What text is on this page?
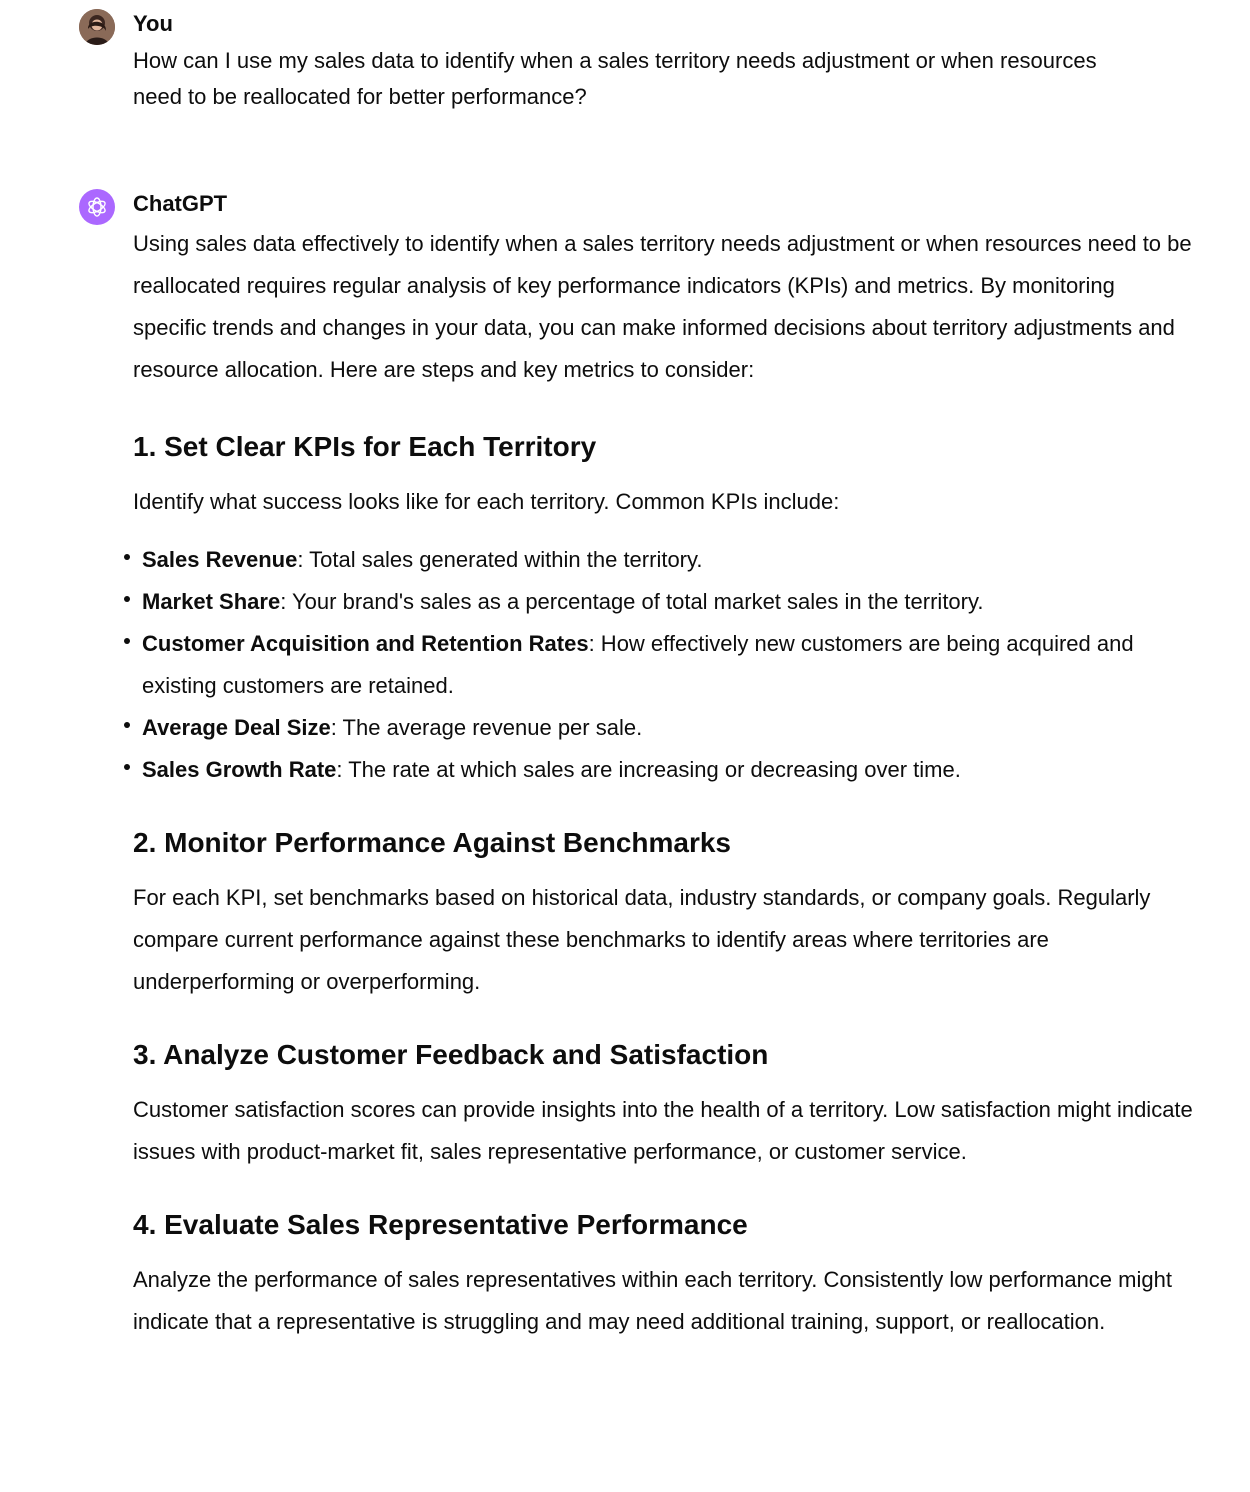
You

How can I use my sales data to identify when a sales territory needs adjustment or when resources need to be reallocated for better performance?

ChatGPT

Using sales data effectively to identify when a sales territory needs adjustment or when resources need to be reallocated requires regular analysis of key performance indicators (KPIs) and metrics. By monitoring specific trends and changes in your data, you can make informed decisions about territory adjustments and resource allocation. Here are steps and key metrics to consider:

1. Set Clear KPIs for Each Territory

Identify what success looks like for each territory. Common KPIs include:

Sales Revenue: Total sales generated within the territory.
Market Share: Your brand's sales as a percentage of total market sales in the territory.
Customer Acquisition and Retention Rates: How effectively new customers are being acquired and existing customers are retained.
Average Deal Size: The average revenue per sale.
Sales Growth Rate: The rate at which sales are increasing or decreasing over time.
2. Monitor Performance Against Benchmarks

For each KPI, set benchmarks based on historical data, industry standards, or company goals. Regularly compare current performance against these benchmarks to identify areas where territories are underperforming or overperforming.

3. Analyze Customer Feedback and Satisfaction

Customer satisfaction scores can provide insights into the health of a territory. Low satisfaction might indicate issues with product-market fit, sales representative performance, or customer service.

4. Evaluate Sales Representative Performance

Analyze the performance of sales representatives within each territory. Consistently low performance might indicate that a representative is struggling and may need additional training, support, or reallocation.
